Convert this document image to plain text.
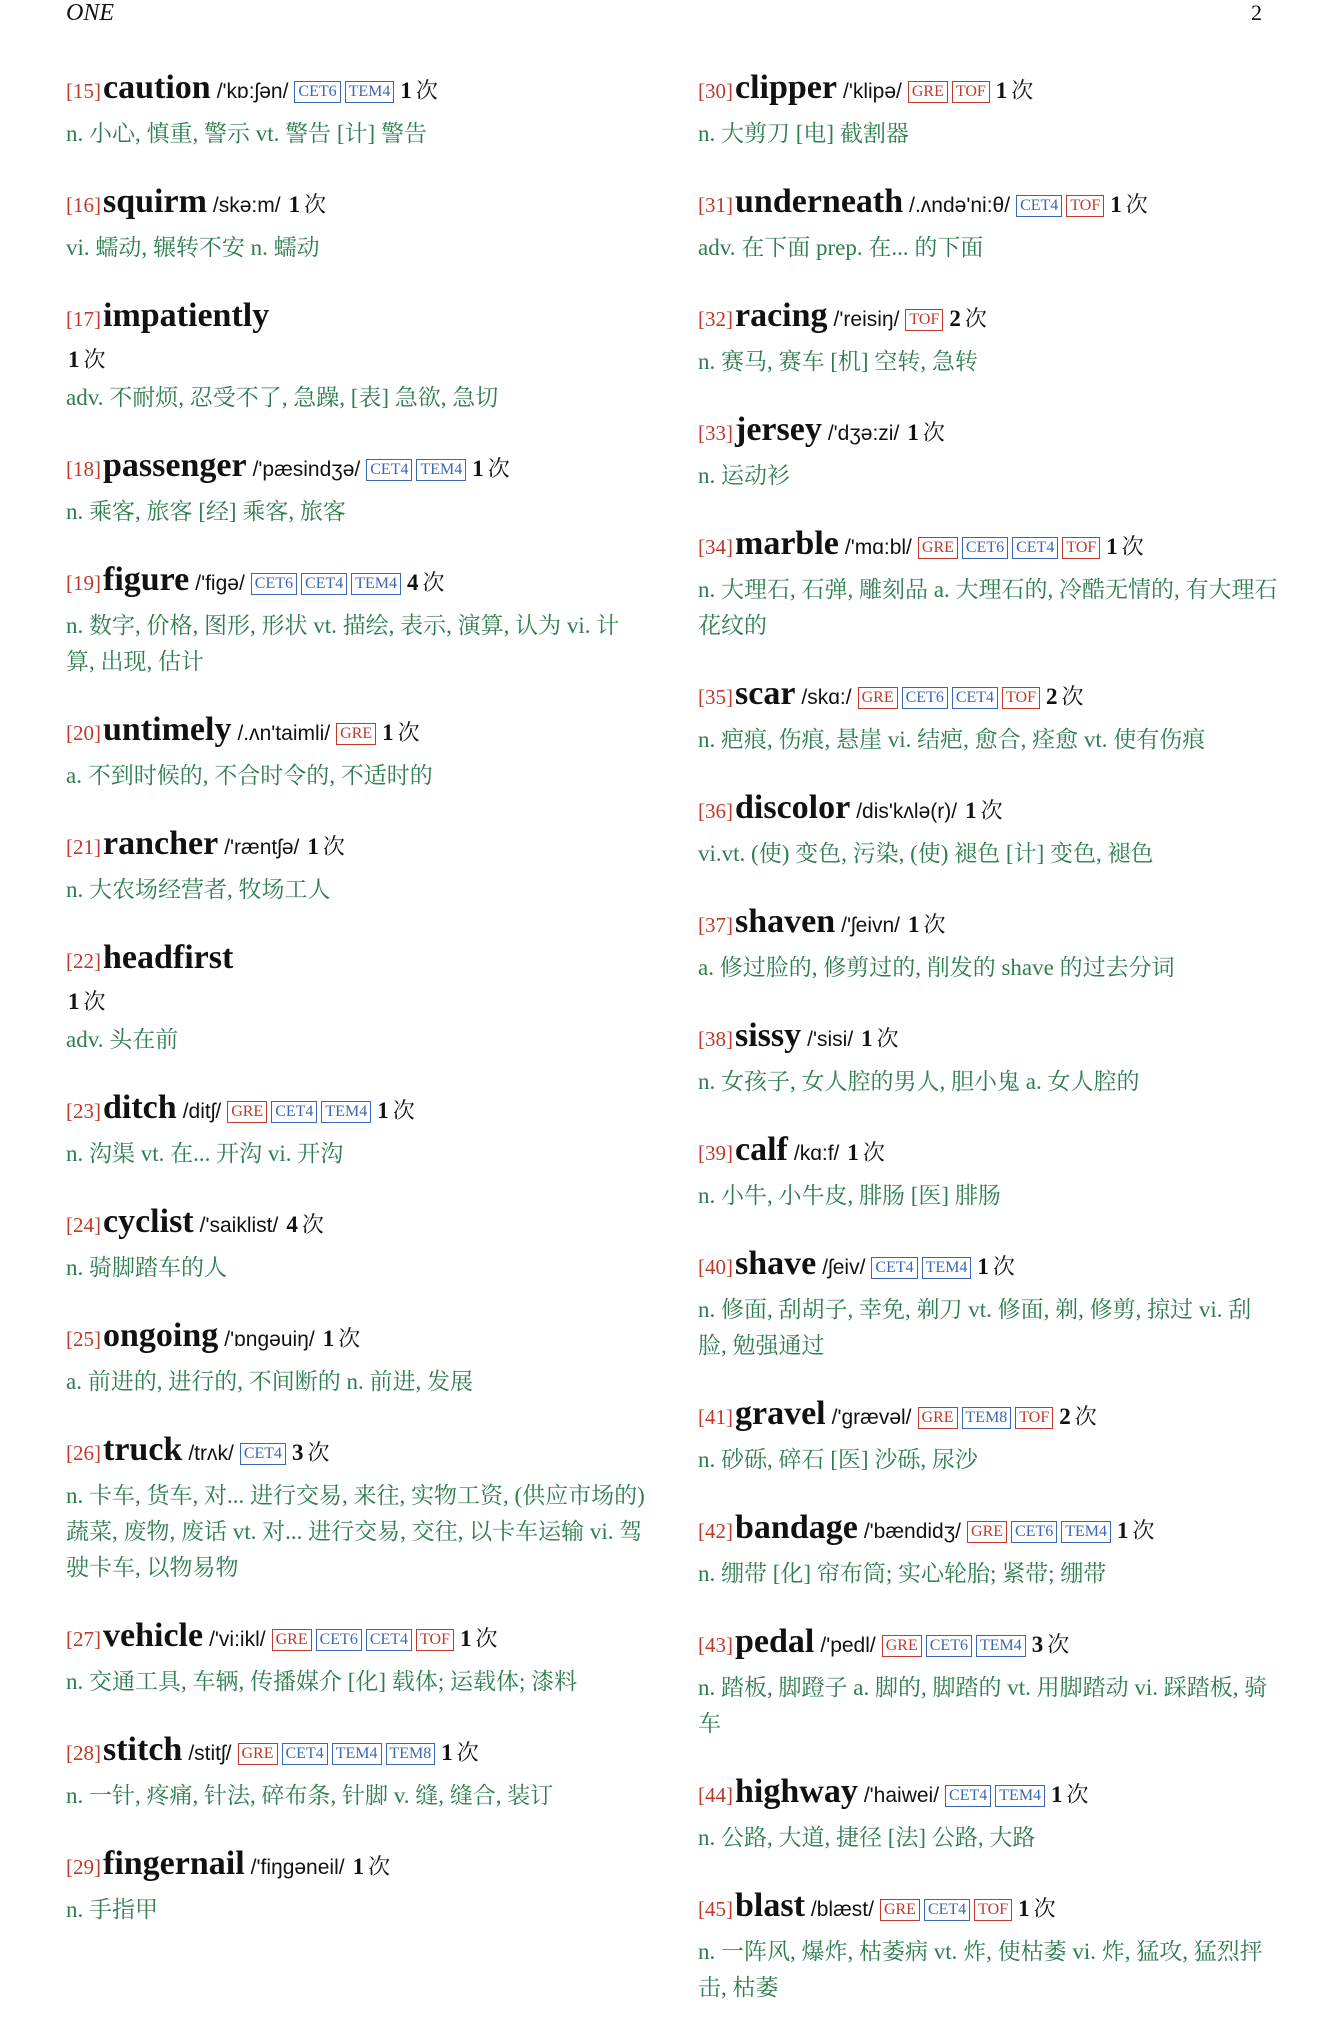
ONE	2
[15]caution /'kɒ:ʃən/ CET6 TEM4 1 次
n. 小心, 慎重, 警示 vt. 警告 [计] 警告
[16]squirm /skə:m/ 1 次
vi. 蠕动, 辗转不安 n. 蠕动
[17]impatiently
1 次
adv. 不耐烦, 忍受不了, 急躁, [表] 急欲, 急切
[18]passenger /'pæsindʒə/ CET4 TEM4 1 次
n. 乘客, 旅客 [经] 乘客, 旅客
[19]figure /'figə/ CET6 CET4 TEM4 4 次
n. 数字, 价格, 图形, 形状 vt. 描绘, 表示, 演算, 认为 vi. 计算, 出现, 估计
[20]untimely /.ʌn'taimli/ GRE 1 次
a. 不到时候的, 不合时令的, 不适时的
[21]rancher /'ræntʃə/ 1 次
n. 大农场经营者, 牧场工人
[22]headfirst
1 次
adv. 头在前
[23]ditch /ditʃ/ GRE CET4 TEM4 1 次
n. 沟渠 vt. 在... 开沟 vi. 开沟
[24]cyclist /'saiklist/ 4 次
n. 骑脚踏车的人
[25]ongoing /'ɒngəuiŋ/ 1 次
a. 前进的, 进行的, 不间断的 n. 前进, 发展
[26]truck /trʌk/ CET4 3 次
n. 卡车, 货车, 对... 进行交易, 来往, 实物工资, (供应市场的) 蔬菜, 废物, 废话 vt. 对... 进行交易, 交往, 以卡车运输 vi. 驾驶卡车, 以物易物
[27]vehicle /'vi:ikl/ GRE CET6 CET4 TOF 1 次
n. 交通工具, 车辆, 传播媒介 [化] 载体; 运载体; 漆料
[28]stitch /stitʃ/ GRE CET4 TEM4 TEM8 1 次
n. 一针, 疼痛, 针法, 碎布条, 针脚 v. 缝, 缝合, 装订
[29]fingernail /'fiŋgəneil/ 1 次
n. 手指甲
[30]clipper /'klipə/ GRE TOF 1 次
n. 大剪刀 [电] 截割器
[31]underneath /.ʌndə'ni:θ/ CET4 TOF 1 次
adv. 在下面 prep. 在... 的下面
[32]racing /'reisiŋ/ TOF 2 次
n. 赛马, 赛车 [机] 空转, 急转
[33]jersey /'dʒə:zi/ 1 次
n. 运动衫
[34]marble /'mɑ:bl/ GRE CET6 CET4 TOF 1 次
n. 大理石, 石弹, 雕刻品 a. 大理石的, 冷酷无情的, 有大理石花纹的
[35]scar /skɑ:/ GRE CET6 CET4 TOF 2 次
n. 疤痕, 伤痕, 悬崖 vi. 结疤, 愈合, 痊愈 vt. 使有伤痕
[36]discolor /dis'kʌlə(r)/ 1 次
vi.vt. (使) 变色, 污染, (使) 褪色 [计] 变色, 褪色
[37]shaven /'ʃeivn/ 1 次
a. 修过脸的, 修剪过的, 削发的 shave 的过去分词
[38]sissy /'sisi/ 1 次
n. 女孩子, 女人腔的男人, 胆小鬼 a. 女人腔的
[39]calf /kɑ:f/ 1 次
n. 小牛, 小牛皮, 腓肠 [医] 腓肠
[40]shave /ʃeiv/ CET4 TEM4 1 次
n. 修面, 刮胡子, 幸免, 剃刀 vt. 修面, 剃, 修剪, 掠过 vi. 刮脸, 勉强通过
[41]gravel /'grævəl/ GRE TEM8 TOF 2 次
n. 砂砾, 碎石 [医] 沙砾, 尿沙
[42]bandage /'bændidʒ/ GRE CET6 TEM4 1 次
n. 绷带 [化] 帘布筒; 实心轮胎; 紧带; 绷带
[43]pedal /'pedl/ GRE CET6 TEM4 3 次
n. 踏板, 脚蹬子 a. 脚的, 脚踏的 vt. 用脚踏动 vi. 踩踏板, 骑车
[44]highway /'haiwei/ CET4 TEM4 1 次
n. 公路, 大道, 捷径 [法] 公路, 大路
[45]blast /blæst/ GRE CET4 TOF 1 次
n. 一阵风, 爆炸, 枯萎病 vt. 炸, 使枯萎 vi. 炸, 猛攻, 猛烈抨击, 枯萎
